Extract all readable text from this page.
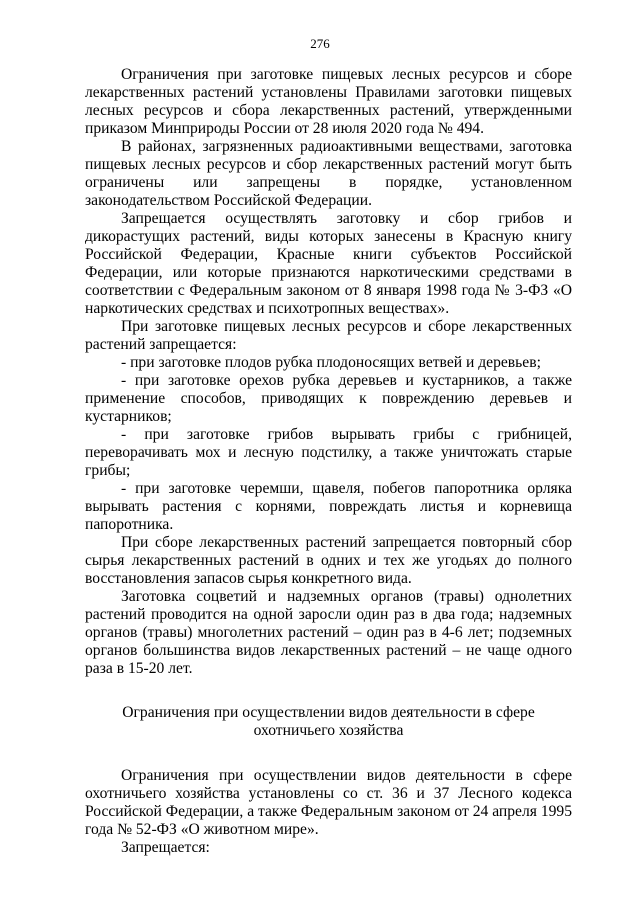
276

Ограничения при заготовке пищевых лесных ресурсов и сборе лекарственных растений установлены Правилами заготовки пищевых лесных ресурсов и сбора лекарственных растений, утвержденными приказом Минприроды России от 28 июля 2020 года № 494.

В районах, загрязненных радиоактивными веществами, заготовка пищевых лесных ресурсов и сбор лекарственных растений могут быть ограничены или запрещены в порядке, установленном законодательством Российской Федерации.

Запрещается осуществлять заготовку и сбор грибов и дикорастущих растений, виды которых занесены в Красную книгу Российской Федерации, Красные книги субъектов Российской Федерации, или которые признаются наркотическими средствами в соответствии с Федеральным законом от 8 января 1998 года № 3-ФЗ «О наркотических средствах и психотропных веществах».

При заготовке пищевых лесных ресурсов и сборе лекарственных растений запрещается:

- при заготовке плодов рубка плодоносящих ветвей и деревьев;

- при заготовке орехов рубка деревьев и кустарников, а также применение способов, приводящих к повреждению деревьев и кустарников;

- при заготовке грибов вырывать грибы с грибницей, переворачивать мох и лесную подстилку, а также уничтожать старые грибы;

- при заготовке черемши, щавеля, побегов папоротника орляка вырывать растения с корнями, повреждать листья и корневища папоротника.

При сборе лекарственных растений запрещается повторный сбор сырья лекарственных растений в одних и тех же угодьях до полного восстановления запасов сырья конкретного вида.

Заготовка соцветий и надземных органов (травы) однолетних растений проводится на одной заросли один раз в два года; надземных органов (травы) многолетних растений – один раз в 4-6 лет; подземных органов большинства видов лекарственных растений – не чаще одного раза в 15-20 лет.

Ограничения при осуществлении видов деятельности в сфере охотничьего хозяйства

Ограничения при осуществлении видов деятельности в сфере охотничьего хозяйства установлены со ст. 36 и 37 Лесного кодекса Российской Федерации, а также Федеральным законом от 24 апреля 1995 года № 52-ФЗ «О животном мире».

Запрещается:
